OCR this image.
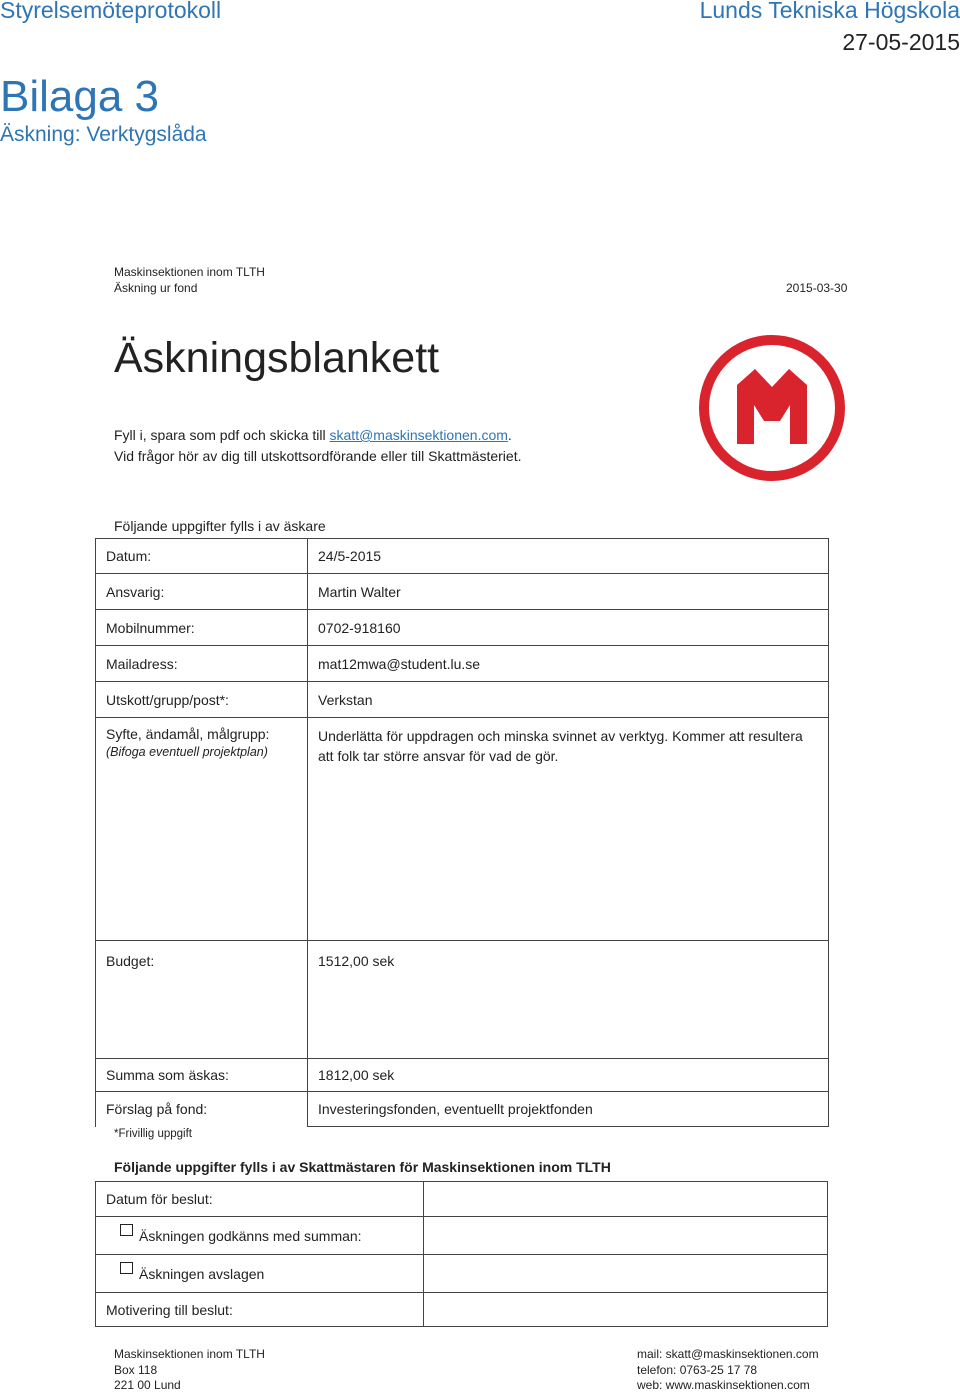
Styrelsemöteprotokoll	Lunds Tekniska Högskola
27-05-2015
Bilaga 3
Äskning: Verktygslåda
Maskinsektionen inom TLTH
Äskning ur fond	2015-03-30
Äskningsblankett
Fyll i, spara som pdf och skicka till skatt@maskinsektionen.com.
Vid frågor hör av dig till utskottsordförande eller till Skattmästeriet.
Följande uppgifter fylls i av äskare
Datum:	24/5-2015
Ansvarig:	Martin Walter
Mobilnummer:	0702-918160
Mailadress:	mat12mwa@student.lu.se
Utskott/grupp/post*:	Verkstan
Syfte, ändamål, målgrupp:
(Bifoga eventuell projektplan)	Underlätta för uppdragen och minska svinnet av verktyg. Kommer att resultera att folk tar större ansvar för vad de gör.
Budget:	1512,00 sek
Summa som äskas:	1812,00 sek
Förslag på fond:	Investeringsfonden, eventuellt projektfonden
*Frivillig uppgift
Följande uppgifter fylls i av Skattmästaren för Maskinsektionen inom TLTH
Datum för beslut:	
Äskningen godkänns med summan:	
Äskningen avslagen	
Motivering till beslut:	
Maskinsektionen inom TLTH
Box 118
221 00 Lund
mail: skatt@maskinsektionen.com
telefon: 0763-25 17 78
web: www.maskinsektionen.com
